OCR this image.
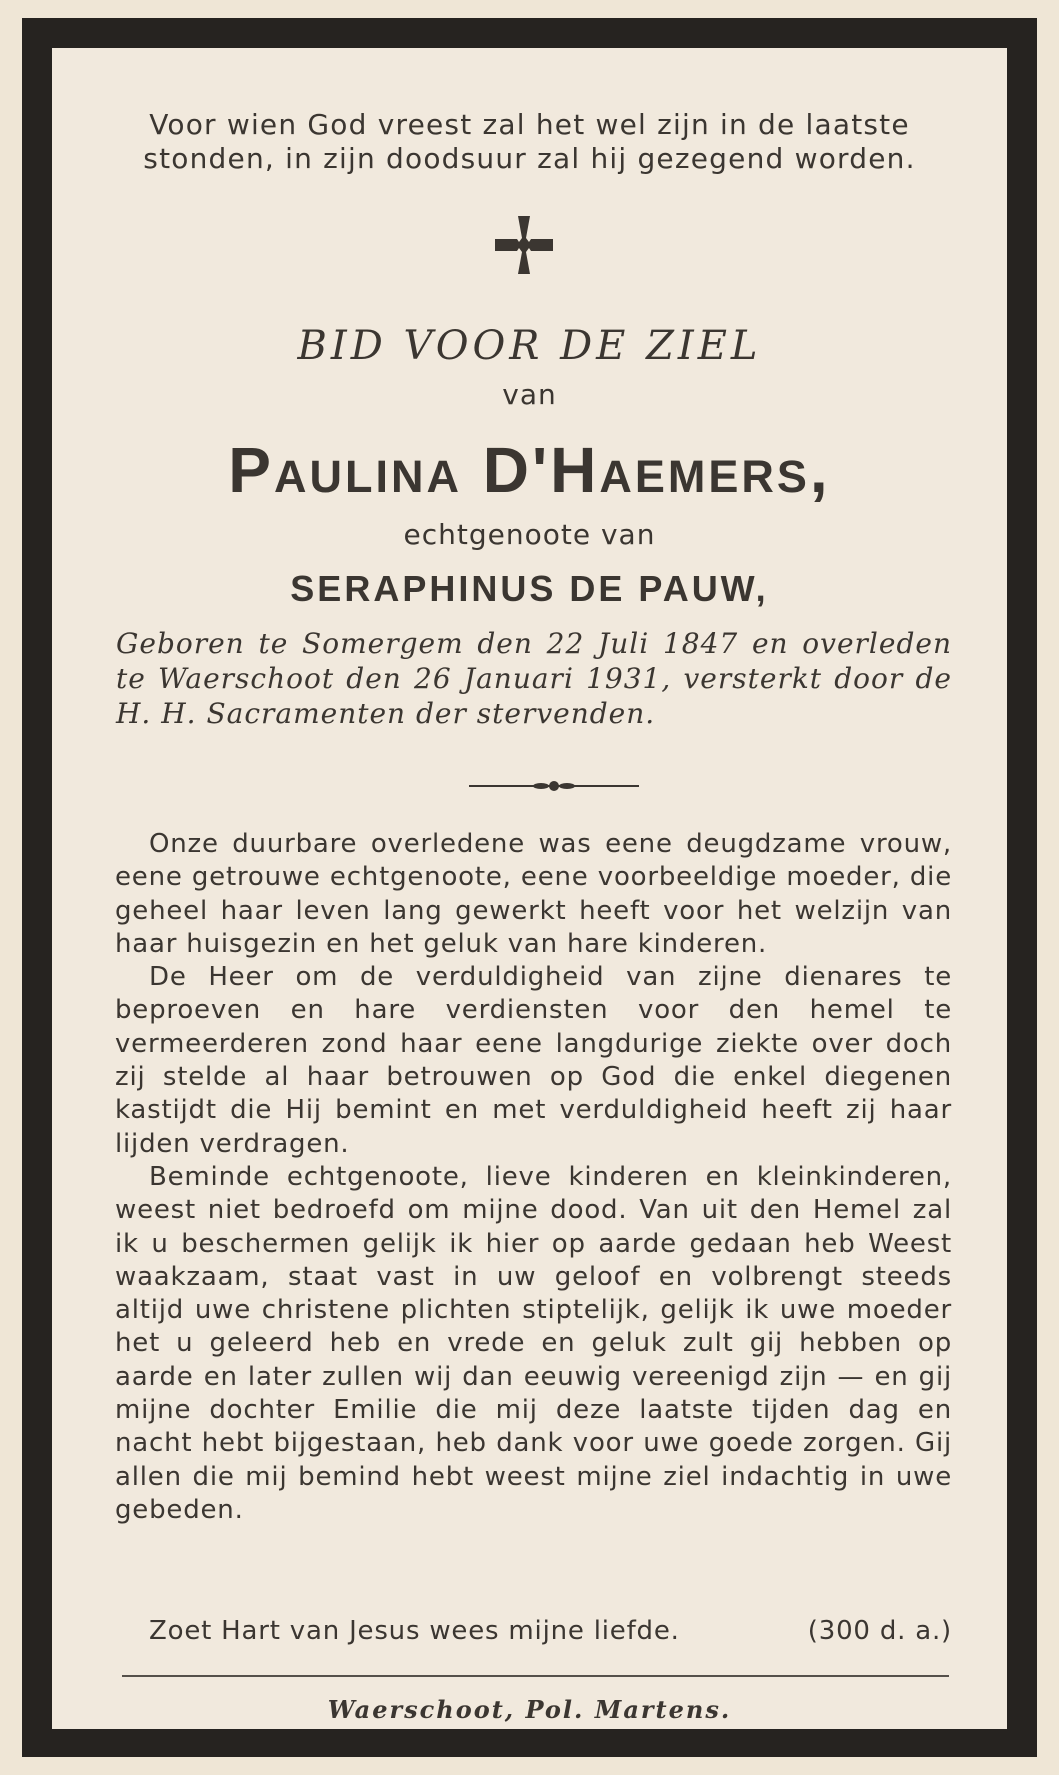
Voor wien God vreest zal het wel zijn in de laatste stonden, in zijn doodsuur zal hij gezegend worden.

BID VOOR DE ZIEL

van

Paulina D'Haemers,

echtgenoote van

SERAPHINUS DE PAUW,

Geboren te Somergem den 22 Juli 1847 en overleden te Waerschoot den 26 Januari 1931, versterkt door de H. H. Sacramenten der stervenden.

Onze duurbare overledene was eene deugdzame vrouw, eene getrouwe echtgenoote, eene voorbeeldige moeder, die geheel haar leven lang gewerkt heeft voor het welzijn van haar huisgezin en het geluk van hare kinderen.

De Heer om de verduldigheid van zijne dienares te beproeven en hare verdiensten voor den hemel te vermeerderen zond haar eene langdurige ziekte over doch zij stelde al haar betrouwen op God die enkel diegenen kastijdt die Hij bemint en met verduldigheid heeft zij haar lijden verdragen.

Beminde echtgenoote, lieve kinderen en kleinkinderen, weest niet bedroefd om mijne dood. Van uit den Hemel zal ik u beschermen gelijk ik hier op aarde gedaan heb Weest waakzaam, staat vast in uw geloof en volbrengt steeds altijd uwe christene plichten stiptelijk, gelijk ik uwe moeder het u geleerd heb en vrede en geluk zult gij hebben op aarde en later zullen wij dan eeuwig vereenigd zijn — en gij mijne dochter Emilie die mij deze laatste tijden dag en nacht hebt bijgestaan, heb dank voor uwe goede zorgen. Gij allen die mij bemind hebt weest mijne ziel indachtig in uwe gebeden.

Zoet Hart van Jesus wees mijne liefde.	(300 d. a.)

Waerschoot, Pol. Martens.
